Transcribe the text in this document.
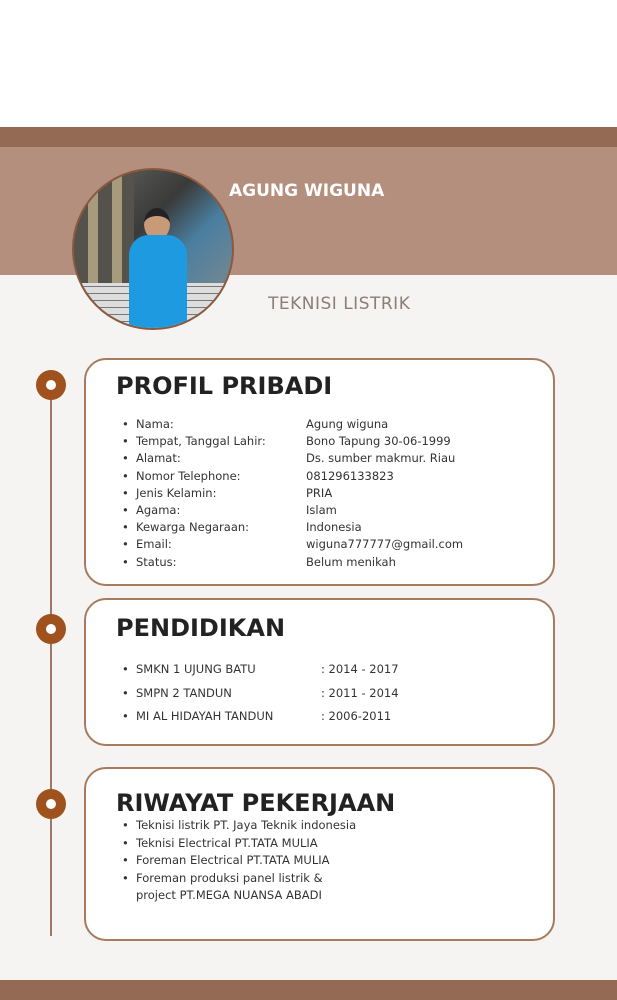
AGUNG WIGUNA
TEKNISI LISTRIK
PROFIL PRIBADI
• Nama:	Agung wiguna
• Tempat, Tanggal Lahir:	Bono Tapung 30-06-1999
• Alamat:	Ds. sumber makmur. Riau
• Nomor Telephone:	081296133823
• Jenis Kelamin:	PRIA
• Agama:	Islam
• Kewarga Negaraan:	Indonesia
• Email:	wiguna777777@gmail.com
• Status:	Belum menikah
PENDIDIKAN
• SMKN 1 UJUNG BATU	: 2014 - 2017
• SMPN 2 TANDUN	: 2011 - 2014
• MI AL HIDAYAH TANDUN	: 2006-2011
RIWAYAT PEKERJAAN
• Teknisi listrik PT. Jaya Teknik indonesia
• Teknisi Electrical PT.TATA MULIA
• Foreman Electrical PT.TATA MULIA
• Foreman produksi panel listrik & project PT.MEGA NUANSA ABADI
